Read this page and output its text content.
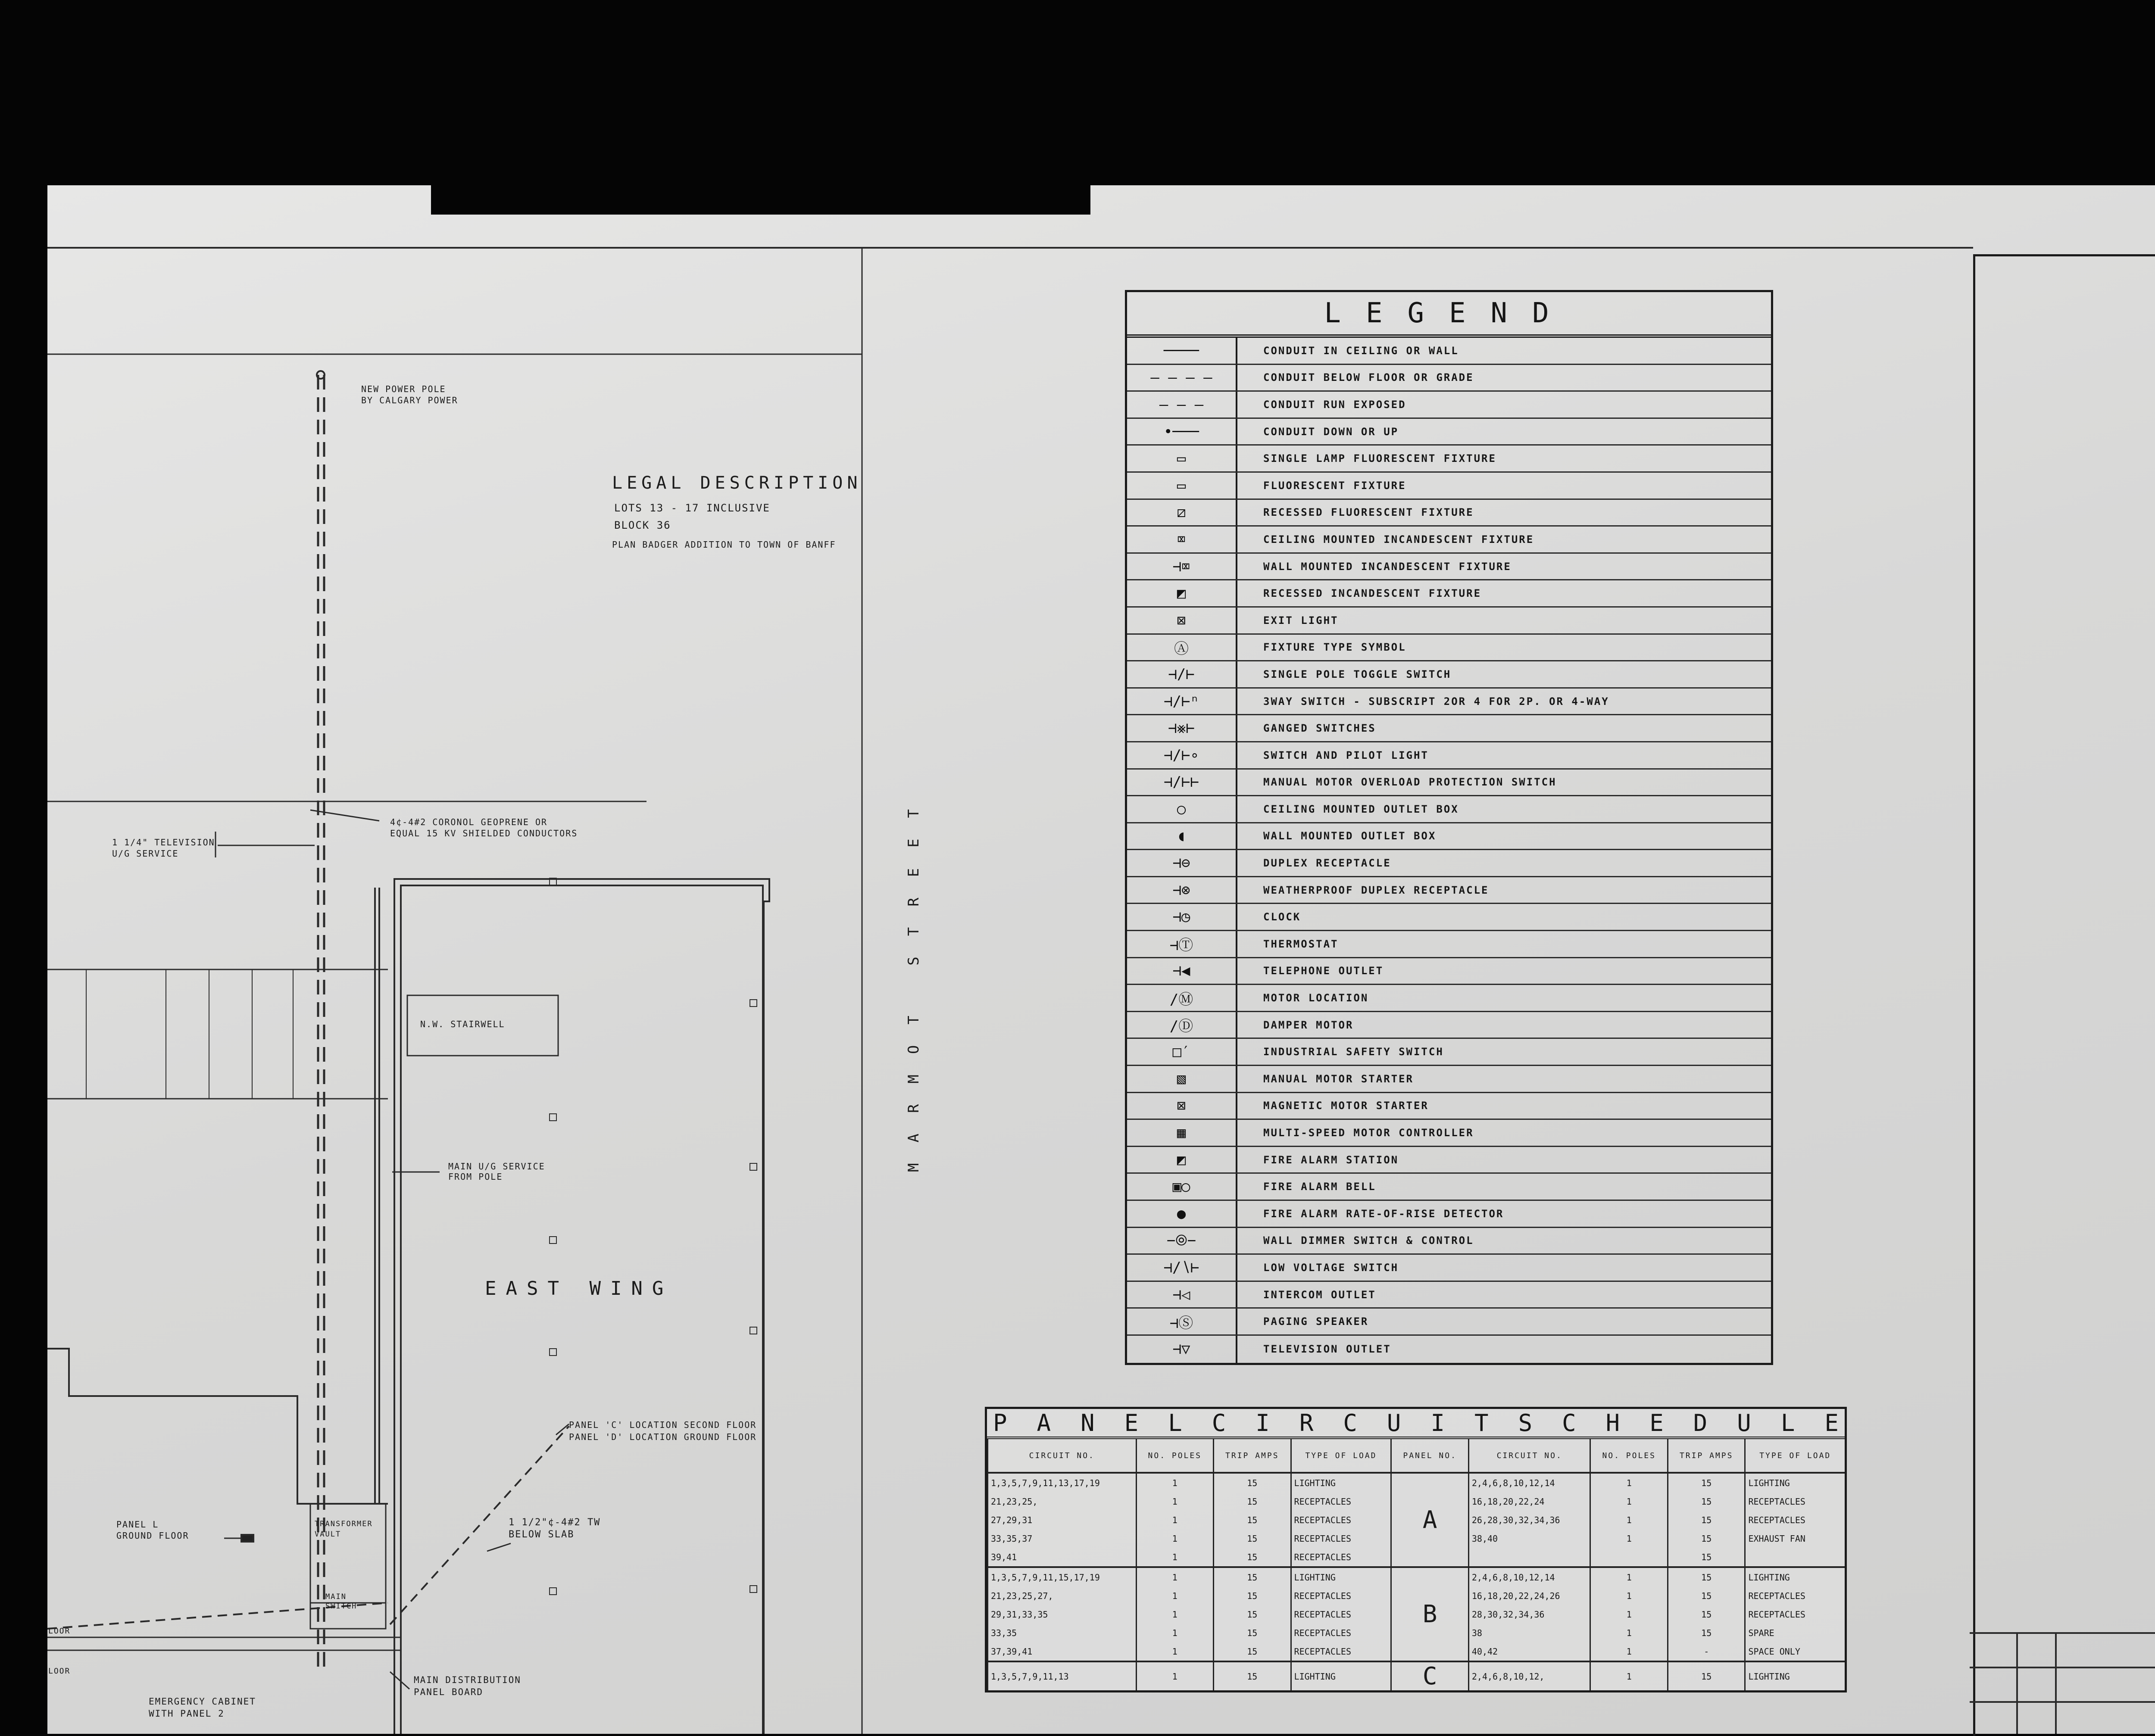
LEGAL DESCRIPTION
LOTS 13 - 17 INCLUSIVE
BLOCK 36
PLAN BADGER ADDITION TO TOWN OF BANFF
NEW POWER POLE
BY CALGARY POWER
1 1/4" TELEVISION
U/G SERVICE
4¢-4#2 CORONOL GEOPRENE OR
EQUAL 15 KV SHIELDED CONDUCTORS
N.W. STAIRWELL
MAIN U/G SERVICE
FROM POLE
EAST WING
MARMOT STREET
PANEL 'C' LOCATION SECOND FLOOR
PANEL 'D' LOCATION GROUND FLOOR
1 1/2"¢-4#2 TW
BELOW SLAB
PANEL L
GROUND FLOOR
TRANSFORMER
VAULT
MAIN
SWITCH
MAIN DISTRIBUTION
PANEL BOARD
EMERGENCY CABINET
WITH PANEL 2
LOOR
LOOR
LEGEND
────	CONDUIT IN CEILING OR WALL
‒ ‒ ‒ ‒	CONDUIT BELOW FLOOR OR GRADE
— ‒ —	CONDUIT RUN EXPOSED
•───	CONDUIT DOWN OR UP
▭	SINGLE LAMP FLUORESCENT FIXTURE
▭	FLUORESCENT FIXTURE
⧄	RECESSED FLUORESCENT FIXTURE
⌧	CEILING MOUNTED INCANDESCENT FIXTURE
⊣⌧	WALL MOUNTED INCANDESCENT FIXTURE
◩	RECESSED INCANDESCENT FIXTURE
⊠	EXIT LIGHT
Ⓐ	FIXTURE TYPE SYMBOL
⊣∕⊢	SINGLE POLE TOGGLE SWITCH
⊣∕⊢ⁿ	3WAY SWITCH - SUBSCRIPT 2OR 4 FOR 2P. OR 4-WAY
⊣⨳⊢	GANGED SWITCHES
⊣∕⊢∘	SWITCH AND PILOT LIGHT
⊣∕⊢⊢	MANUAL MOTOR OVERLOAD PROTECTION SWITCH
○	CEILING MOUNTED OUTLET BOX
◖	WALL MOUNTED OUTLET BOX
⊣⊖	DUPLEX RECEPTACLE
⊣⊗	WEATHERPROOF DUPLEX RECEPTACLE
⊣◷	CLOCK
⊣Ⓣ	THERMOSTAT
⊣◀	TELEPHONE OUTLET
∕Ⓜ	MOTOR LOCATION
∕Ⓓ	DAMPER MOTOR
□′	INDUSTRIAL SAFETY SWITCH
▧	MANUAL MOTOR STARTER
⊠	MAGNETIC MOTOR STARTER
▦	MULTI-SPEED MOTOR CONTROLLER
◩	FIRE ALARM STATION
▣○	FIRE ALARM BELL
●	FIRE ALARM RATE-OF-RISE DETECTOR
−⦾−	WALL DIMMER SWITCH & CONTROL
⊣∕∖⊢	LOW VOLTAGE SWITCH
⊣◁	INTERCOM OUTLET
⊣Ⓢ	PAGING SPEAKER
⊣▽	TELEVISION OUTLET
P A N E L C I R C U I T S C H E D U L E
CIRCUIT NO.	NO. POLES	TRIP AMPS	TYPE OF LOAD	PANEL NO.	CIRCUIT NO.	NO. POLES	TRIP AMPS	TYPE OF LOAD
1,3,5,7,9,11,13,17,19	1	15	LIGHTING	A	2,4,6,8,10,12,14	1	15	LIGHTING
21,23,25,	1	15	RECEPTACLES		16,18,20,22,24	1	15	RECEPTACLES
27,29,31	1	15	RECEPTACLES		26,28,30,32,34,36	1	15	RECEPTACLES
33,35,37	1	15	RECEPTACLES		38,40	1	15	EXHAUST FAN
39,41	1	15	RECEPTACLES				15	
1,3,5,7,9,11,15,17,19	1	15	LIGHTING	B	2,4,6,8,10,12,14	1	15	LIGHTING
21,23,25,27,	1	15	RECEPTACLES		16,18,20,22,24,26	1	15	RECEPTACLES
29,31,33,35	1	15	RECEPTACLES		28,30,32,34,36	1	15	RECEPTACLES
33,35	1	15	RECEPTACLES		38	1	15	SPARE
37,39,41	1	15	RECEPTACLES		40,42	1	-	SPACE ONLY
1,3,5,7,9,11,13	1	15	LIGHTING	C	2,4,6,8,10,12,	1	15	LIGHTING
